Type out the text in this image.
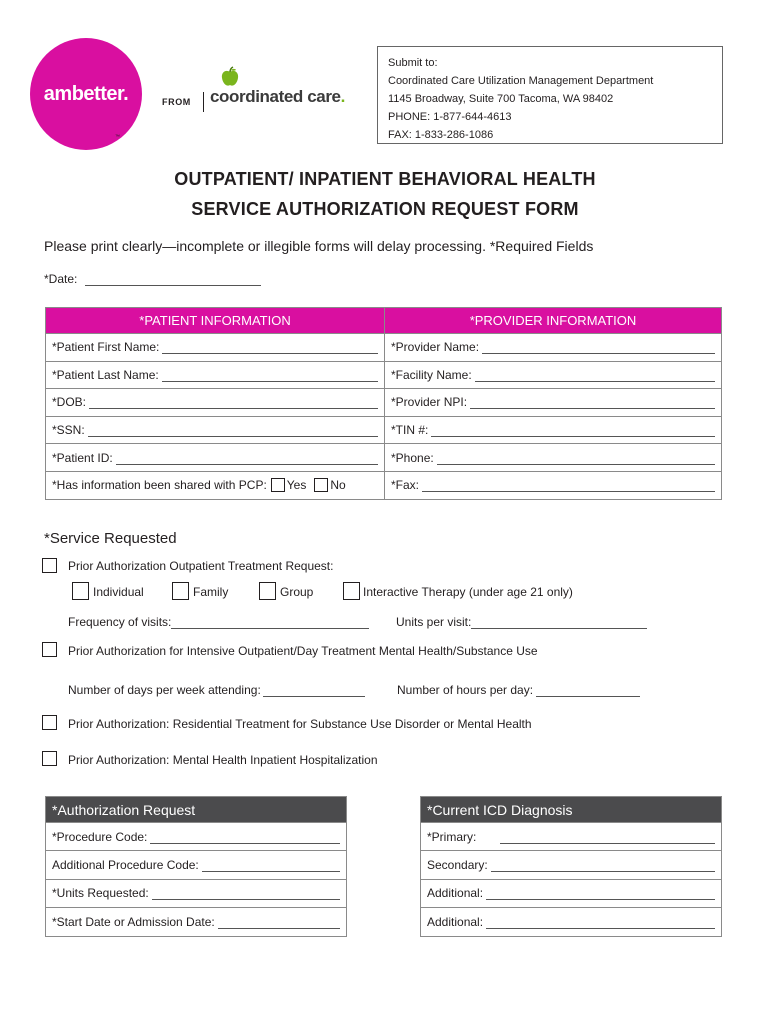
ambetter.
™
FROM coordinated care.
Submit to:
Coordinated Care Utilization Management Department
1145 Broadway, Suite 700 Tacoma, WA 98402
PHONE: 1-877-644-4613
FAX: 1-833-286-1086
OUTPATIENT/ INPATIENT BEHAVIORAL HEALTH
SERVICE AUTHORIZATION REQUEST FORM
Please print clearly—incomplete or illegible forms will delay processing. *Required Fields
*Date:
*PATIENT INFORMATION	*PROVIDER INFORMATION

*Patient First Name:	*Provider Name:

*Patient Last Name:	*Facility Name:

*DOB:	*Provider NPI:

*SSN:	*TIN #:

*Patient ID:	*Phone:

*Has information been shared with PCP: Yes No	*Fax:
*Service Requested
Prior Authorization Outpatient Treatment Request:
Individual	Family	Group	Interactive Therapy (under age 21 only)
Frequency of visits:	Units per visit:
Prior Authorization for Intensive Outpatient/Day Treatment Mental Health/Substance Use
Number of days per week attending:	Number of hours per day:
Prior Authorization: Residential Treatment for Substance Use Disorder or Mental Health
Prior Authorization: Mental Health Inpatient Hospitalization
*Authorization Request

*Procedure Code:

Additional Procedure Code:

*Units Requested:

*Start Date or Admission Date:
*Current ICD Diagnosis

*Primary:

Secondary:

Additional:

Additional:
